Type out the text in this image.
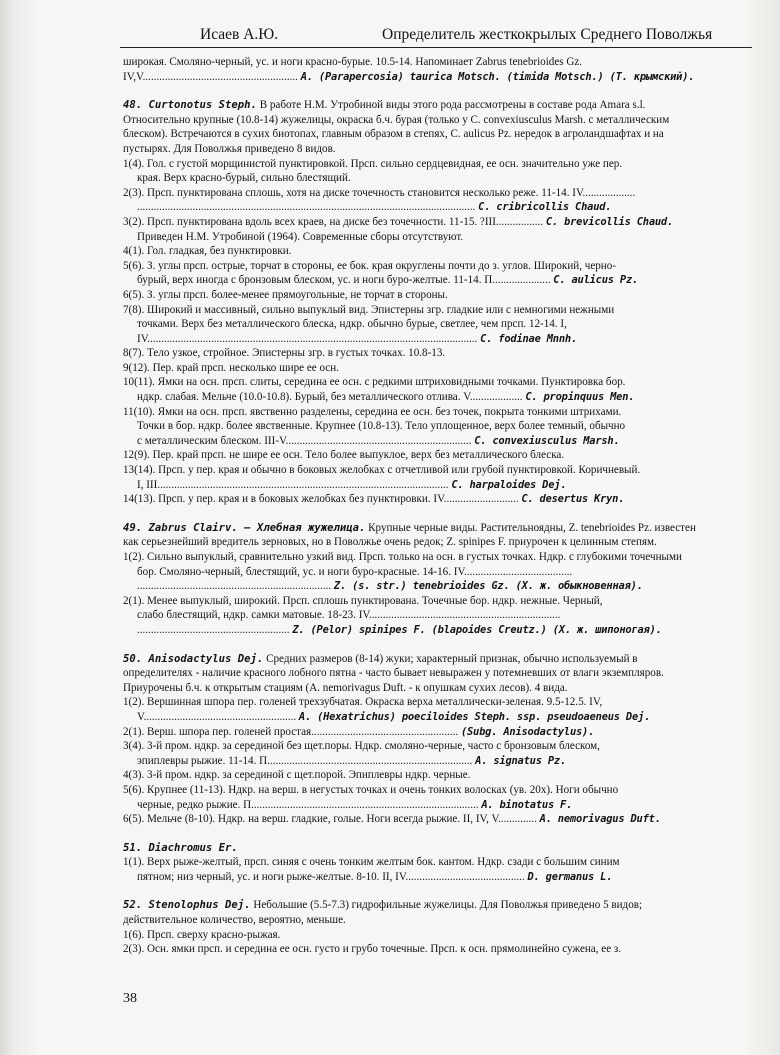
Исаев А.Ю.	Определитель жесткокрылых Среднего Поволжья
широкая. Смоляно-черный, ус. и ноги красно-бурые. 10.5-14. Напоминает Zabrus tenebrioides Gz.
IV,V........................................................ A. (Parapercosia) taurica Motsch. (timida Motsch.) (Т. крымский).
48. Curtonotus Steph. В работе Н.М. Утробиной виды этого рода рассмотрены в составе рода Amara s.l.
Относительно крупные (10.8-14) жужелицы, окраска б.ч. бурая (только у C. convexiusculus Marsh. с металлическим
блеском). Встречаются в сухих биотопах, главным образом в степях, C. aulicus Pz. нередок в агроландшафтах и на
пустырях. Для Поволжья приведено 8 видов.
1(4). Гол. с густой морщинистой пунктировкой. Прсп. сильно сердцевидная, ее осн. значительно уже пер.
края. Верх красно-бурый, сильно блестящий.
2(3). Прсп. пунктирована сплошь, хотя на диске точечность становится несколько реже. 11-14. IV...................
.......................................................................................................................... C. cribricollis Chaud.
3(2). Прсп. пунктирована вдоль всех краев, на диске без точечности. 11-15. ?III................. C. brevicollis Chaud.
Приведен Н.М. Утробиной (1964). Современные сборы отсутствуют.
4(1). Гол. гладкая, без пунктировки.
5(6). З. углы прсп. острые, торчат в стороны, ее бок. края округлены почти до з. углов. Широкий, черно-
бурый, верх иногда с бронзовым блеском, ус. и ноги буро-желтые. 11-14. П..................... C. aulicus Pz.
6(5). З. углы прсп. более-менее прямоугольные, не торчат в стороны.
7(8). Широкий и массивный, сильно выпуклый вид. Эпистерны згр. гладкие или с немногими нежными
точками. Верх без металлического блеска, ндкр. обычно бурые, светлее, чем прсп. 12-14. I,
IV....................................................................................................................... C. fodinae Mnnh.
8(7). Тело узкое, стройное. Эпистерны згр. в густых точках. 10.8-13.
9(12). Пер. край прсп. несколько шире ее осн.
10(11). Ямки на осн. прсп. слиты, середина ее осн. с редкими штриховидными точками. Пунктировка бор.
ндкр. слабая. Мельче (10.0-10.8). Бурый, без металлического отлива. V................... C. propinquus Men.
11(10). Ямки на осн. прсп. явственно разделены, середина ее осн. без точек, покрыта тонкими штрихами.
Точки в бор. ндкр. более явственные. Крупнее (10.8-13). Тело уплощенное, верх более темный, обычно
с металлическим блеском. III-V................................................................... C. convexiusculus Marsh.
12(9). Пер. край прсп. не шире ее осн. Тело более выпуклое, верх без металлического блеска.
13(14). Прсп. у пер. края и обычно в боковых желобках с отчетливой или грубой пунктировкой. Коричневый.
I, III......................................................................................................... C. harpaloides Dej.
14(13). Прсп. у пер. края и в боковых желобках без пунктировки. IV........................... C. desertus Kryn.
49. Zabrus Clairv. – Хлебная жужелица. Крупные черные виды. Растительноядны, Z. tenebrioides Pz. известен
как серьезнейший вредитель зерновых, но в Поволжье очень редок; Z. spinipes F. приурочен к целинным степям.
1(2). Сильно выпуклый, сравнительно узкий вид. Прсп. только на осн. в густых точках. Ндкр. с глубокими точечными
бор. Смоляно-черный, блестящий, ус. и ноги буро-красные. 14-16. IV.......................................
...................................................................... Z. (s. str.) tenebrioides Gz. (Х. ж. обыкновенная).
2(1). Менее выпуклый, широкий. Прсп. сплошь пунктирована. Точечные бор. ндкр. нежные. Черный,
слабо блестящий, ндкр. самки матовые. 18-23. IV.....................................................................
....................................................... Z. (Pelor) spinipes F. (blapoides Creutz.) (Х. ж. шипоногая).
50. Anisodactylus Dej. Средних размеров (8-14) жуки; характерный признак, обычно используемый в
определителях - наличие красного лобного пятна - часто бывает невыражен у потемневших от влаги экземпляров.
Приурочены б.ч. к открытым стациям (A. nemorivagus Duft. - к опушкам сухих лесов). 4 вида.
1(2). Вершинная шпора пер. голеней трехзубчатая. Окраска верха металлически-зеленая. 9.5-12.5. IV,
V....................................................... A. (Hexatrichus) poeciloides Steph. ssp. pseudoaeneus Dej.
2(1). Верш. шпора пер. голеней простая..................................................... (Subg. Anisodactylus).
3(4). 3-й пром. ндкр. за серединой без щет.поры. Ндкр. смоляно-черные, часто с бронзовым блеском,
эпиплевры рыжие. 11-14. П.......................................................................... A. signatus Pz.
4(3). 3-й пром. ндкр. за серединой с щет.порой. Эпиплевры ндкр. черные.
5(6). Крупнее (11-13). Ндкр. на верш. в негустых точках и очень тонких волосках (ув. 20x). Ноги обычно
черные, редко рыжие. П.................................................................................. A. binotatus F.
6(5). Мельче (8-10). Ндкр. на верш. гладкие, голые. Ноги всегда рыжие. II, IV, V.............. A. nemorivagus Duft.
51. Diachromus Er.
1(1). Верх рыже-желтый, прсп. синяя с очень тонким желтым бок. кантом. Ндкр. сзади с большим синим
пятном; низ черный, ус. и ноги рыже-желтые. 8-10. II, IV........................................... D. germanus L.
52. Stenolophus Dej. Небольшие (5.5-7.3) гидрофильные жужелицы. Для Поволжья приведено 5 видов;
действительное количество, вероятно, меньше.
1(6). Прсп. сверху красно-рыжая.
2(3). Осн. ямки прсп. и середина ее осн. густо и грубо точечные. Прсп. к осн. прямолинейно сужена, ее з.
38
